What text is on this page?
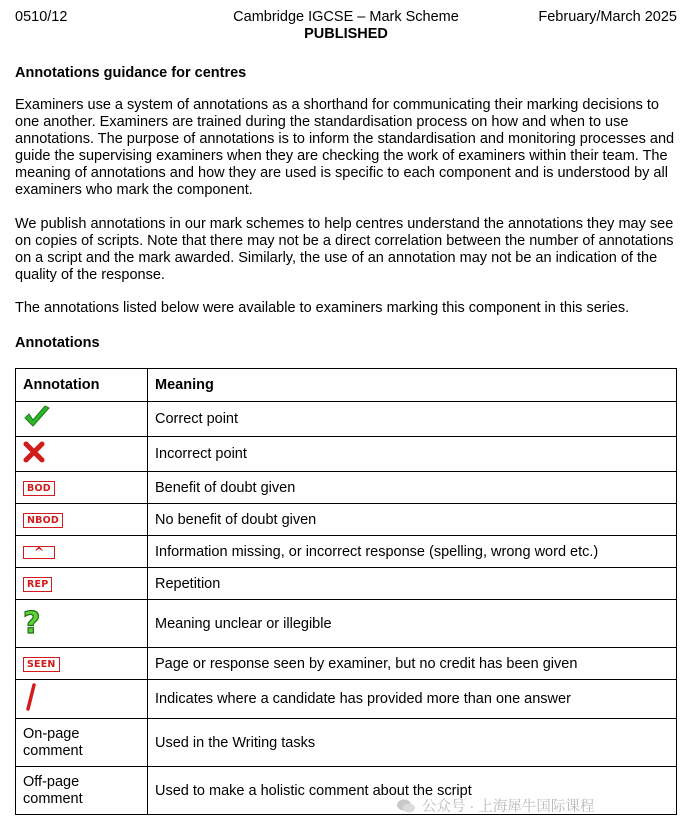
0510/12	Cambridge IGCSE – Mark Scheme
PUBLISHED
February/March 2025
Annotations guidance for centres

Examiners use a system of annotations as a shorthand for communicating their marking decisions to one another. Examiners are trained during the standardisation process on how and when to use annotations. The purpose of annotations is to inform the standardisation and monitoring processes and guide the supervising examiners when they are checking the work of examiners within their team. The meaning of annotations and how they are used is specific to each component and is understood by all examiners who mark the component.

We publish annotations in our mark schemes to help centres understand the annotations they may see on copies of scripts. Note that there may not be a direct correlation between the number of annotations on a script and the mark awarded. Similarly, the use of an annotation may not be an indication of the quality of the response.

The annotations listed below were available to examiners marking this component in this series.

Annotations
Annotation	Meaning
	Correct point
	Incorrect point
BOD	Benefit of doubt given
NBOD	No benefit of doubt given
^	Information missing, or incorrect response (spelling, wrong word etc.)
REP	Repetition
?	Meaning unclear or illegible
SEEN	Page or response seen by examiner, but no credit has been given
	Indicates where a candidate has provided more than one answer
On-page comment	Used in the Writing tasks
Off-page comment	Used to make a holistic comment about the script
公众号 · 上海犀牛国际课程
